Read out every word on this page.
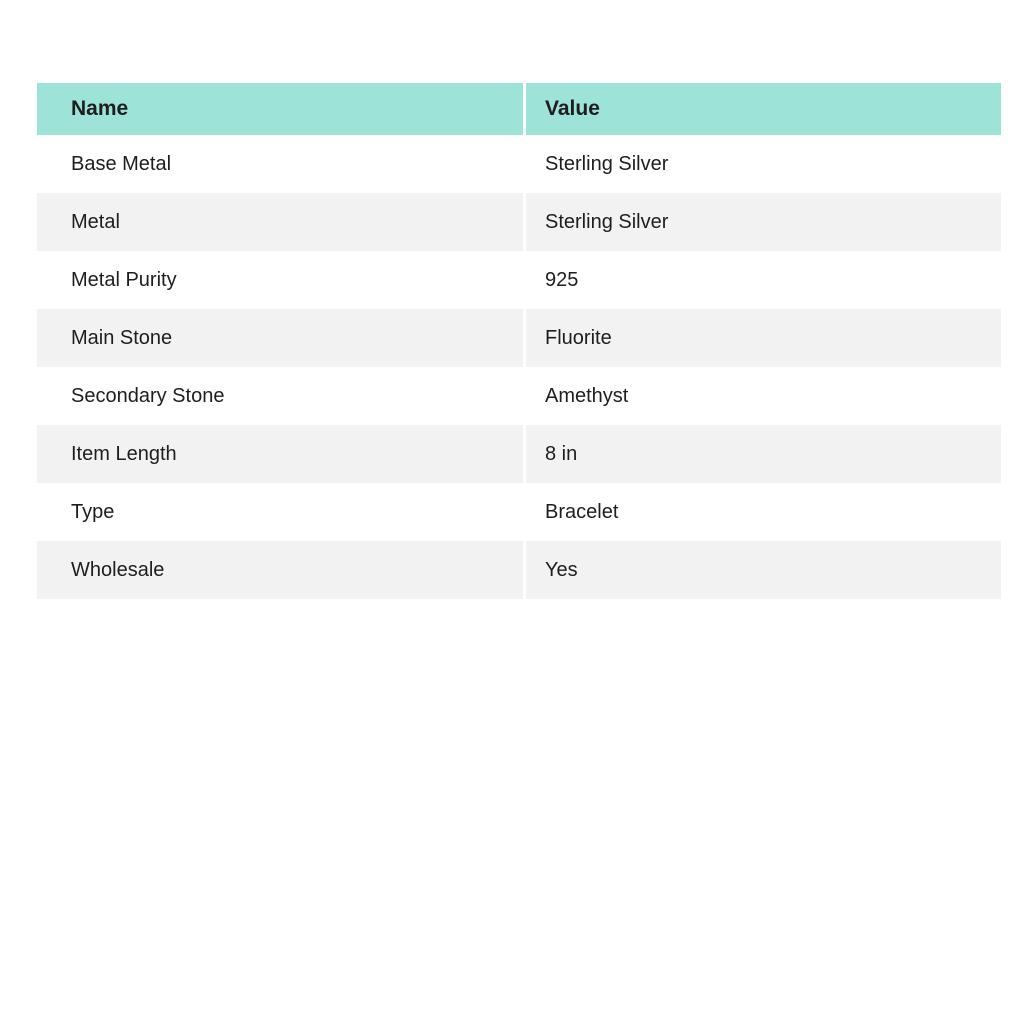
Name	Value
Base Metal	Sterling Silver
Metal	Sterling Silver
Metal Purity	925
Main Stone	Fluorite
Secondary Stone	Amethyst
Item Length	8 in
Type	Bracelet
Wholesale	Yes
